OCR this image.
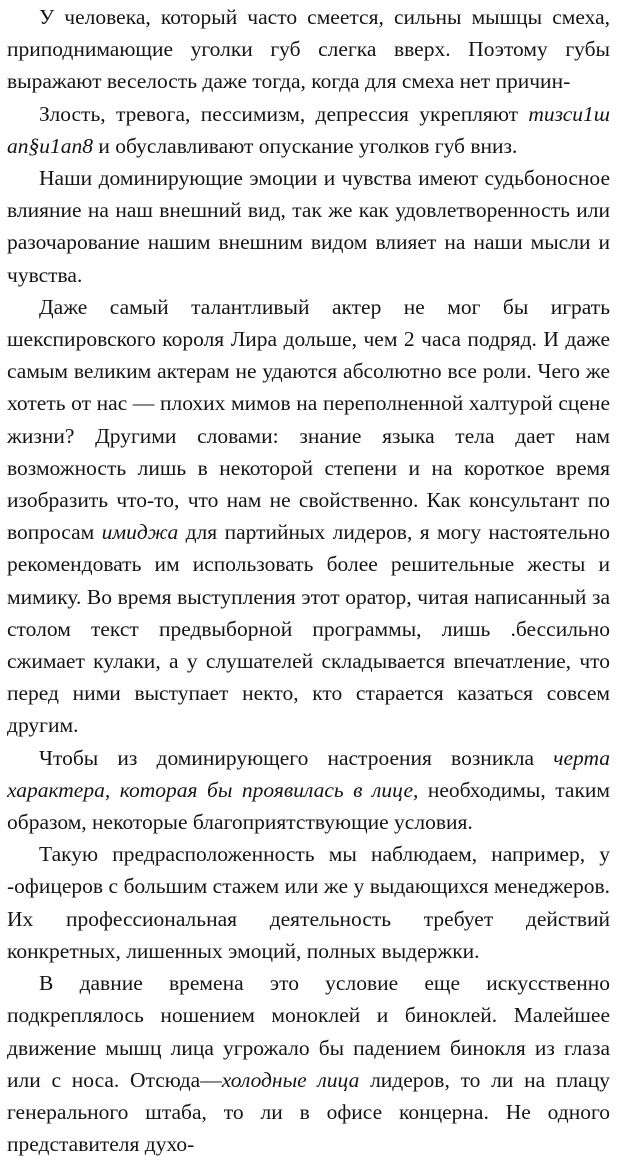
У человека, который часто смеется, сильны мышцы смеха, приподнимающие уголки губ слегка вверх. Поэтому губы выражают веселость даже тогда, когда для смеха нет причин-

Злость, тревога, пессимизм, депрессия укрепляют тизси1ш ап§и1ап8 и обуславливают опускание уголков губ вниз.

Наши доминирующие эмоции и чувства имеют судьбоносное влияние на наш внешний вид, так же как удовлетворенность или разочарование нашим внешним видом влияет на наши мысли и чувства.

Даже самый талантливый актер не мог бы играть шекспировского короля Лира дольше, чем 2 часа подряд. И даже самым великим актерам не удаются абсолютно все роли. Чего же хотеть от нас — плохих мимов на переполненной халтурой сцене жизни? Другими словами: знание языка тела дает нам возможность лишь в некоторой степени и на короткое время изобразить что-то, что нам не свойственно. Как консультант по вопросам имиджа для партийных лидеров, я могу настоятельно рекомендовать им использовать более решительные жесты и мимику. Во время выступления этот оратор, читая написанный за столом текст предвыборной программы, лишь .бессильно сжимает кулаки, а у слушателей складывается впечатление, что перед ними выступает некто, кто старается казаться совсем другим.

Чтобы из доминирующего настроения возникла черта характера, которая бы проявилась в лице, необходимы, таким образом, некоторые благоприятствующие условия.

Такую предрасположенность мы наблюдаем, например, у -офицеров с большим стажем или же у выдающихся менеджеров. Их профессиональная деятельность требует действий конкретных, лишенных эмоций, полных выдержки.

В давние времена это условие еще искусственно подкреплялось ношением моноклей и биноклей. Малейшее движение мышц лица угрожало бы падением бинокля из глаза или с носа. Отсюда—холодные лица лидеров, то ли на плацу генерального штаба, то ли в офисе концерна. Не одного представителя духо-
